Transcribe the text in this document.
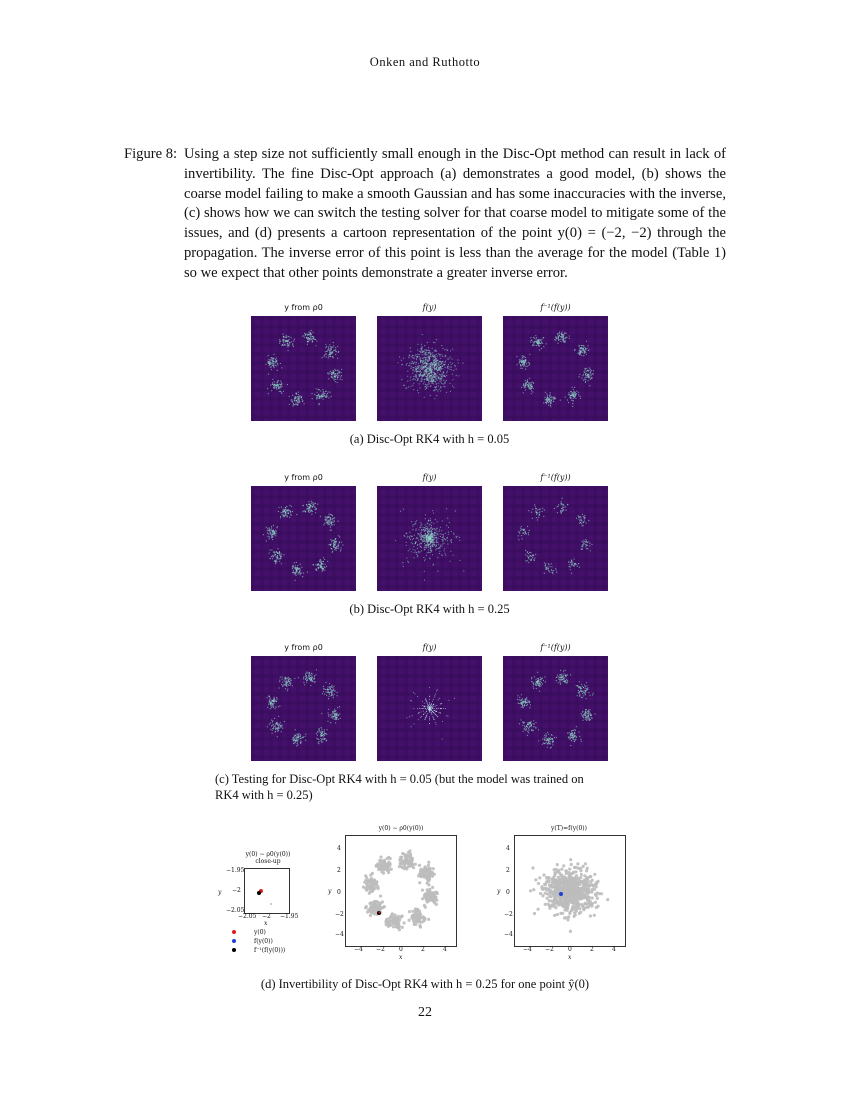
Onken and Ruthotto
Figure 8: Using a step size not sufficiently small enough in the Disc-Opt method can result in lack of invertibility. The fine Disc-Opt approach (a) demonstrates a good model, (b) shows the coarse model failing to make a smooth Gaussian and has some inaccuracies with the inverse, (c) shows how we can switch the testing solver for that coarse model to mitigate some of the issues, and (d) presents a cartoon representation of the point y(0) = (−2, −2) through the propagation. The inverse error of this point is less than the average for the model (Table 1) so we expect that other points demonstrate a greater inverse error.
y from ρ0	f(y)	f⁻¹(f(y))
(a) Disc-Opt RK4 with h = 0.05
y from ρ0	f(y)	f⁻¹(f(y))
(b) Disc-Opt RK4 with h = 0.25
y from ρ0	f(y)	f⁻¹(f(y))
(c) Testing for Disc-Opt RK4 with h = 0.05 (but the model was trained on RK4 with h = 0.25)
y(0) ∼ ρ0(y(0))
close-up
−1.95
−2
−2.05
y
−2.05 −2 −1.95
x
y(0)
f(y(0))
f⁻¹(f(y(0)))
y(0) ∼ ρ0(y(0))
4
2
0
−2
−4
y
−4 −2 0	2	4
x
y(T)=f(y(0))
4
2
0
−2
−4
y
−4 −2 0	2	4
x
(d) Invertibility of Disc-Opt RK4 with h = 0.25 for one point ŷ(0)
22
